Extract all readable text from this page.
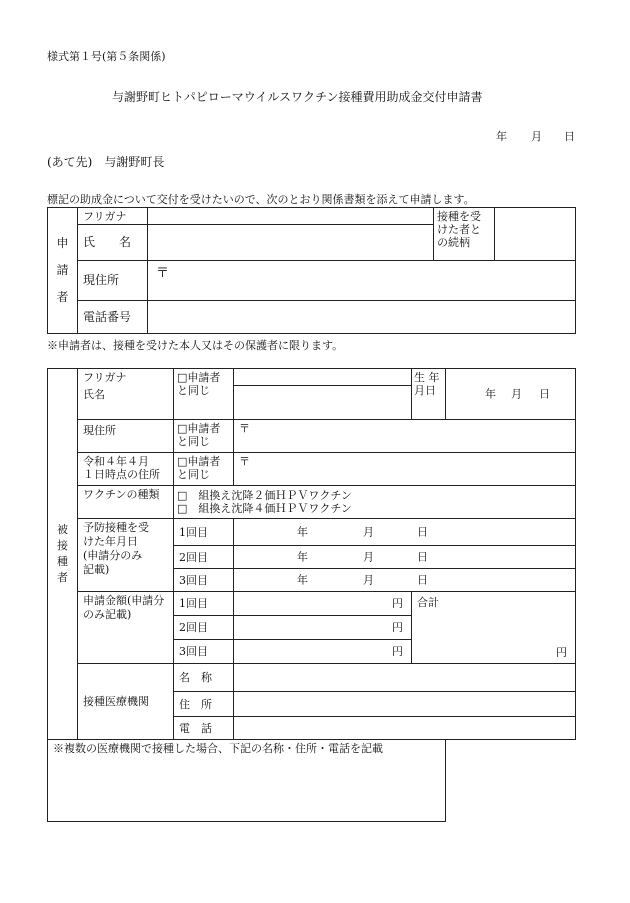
様式第１号(第５条関係)
与謝野町ヒトパピローマウイルスワクチン接種費用助成金交付申請書
年 月 日
(あて先)　与謝野町長
標記の助成金について交付を受けたいので、次のとおり関係書類を添えて申請します。
申
請
者	フリガナ		接種を受
けた者と
の続柄	

	氏　　名			
	現住所	〒		
	電話番号			
※申請者は、接種を受けた本人又はその保護者に限ります。
被
接
種
者	フリガナ	□申請者
と同じ		生 年
月日	年 月 日

	氏名				
	現住所	□申請者
と同じ	〒		
	令和４年４月
１日時点の住所	□申請者
と同じ	〒		
	ワクチンの種類	□　組換え沈降２価ＨＰＶワクチン
□　組換え沈降４価ＨＰＶワクチン			

	予防接種を受
けた年月日
(申請分のみ
記載)	1回目	年 月 日		

		2回目	年 月 日		

		3回目	年 月 日		

	申請金額(申請分
のみ記載)	1回目	円	合計
円	

		2回目	円		
		3回目	円		
	接種医療機関	名　称			
		住　所			
		電　話			
※複数の医療機関で接種した場合、下記の名称・住所・電話を記載					
